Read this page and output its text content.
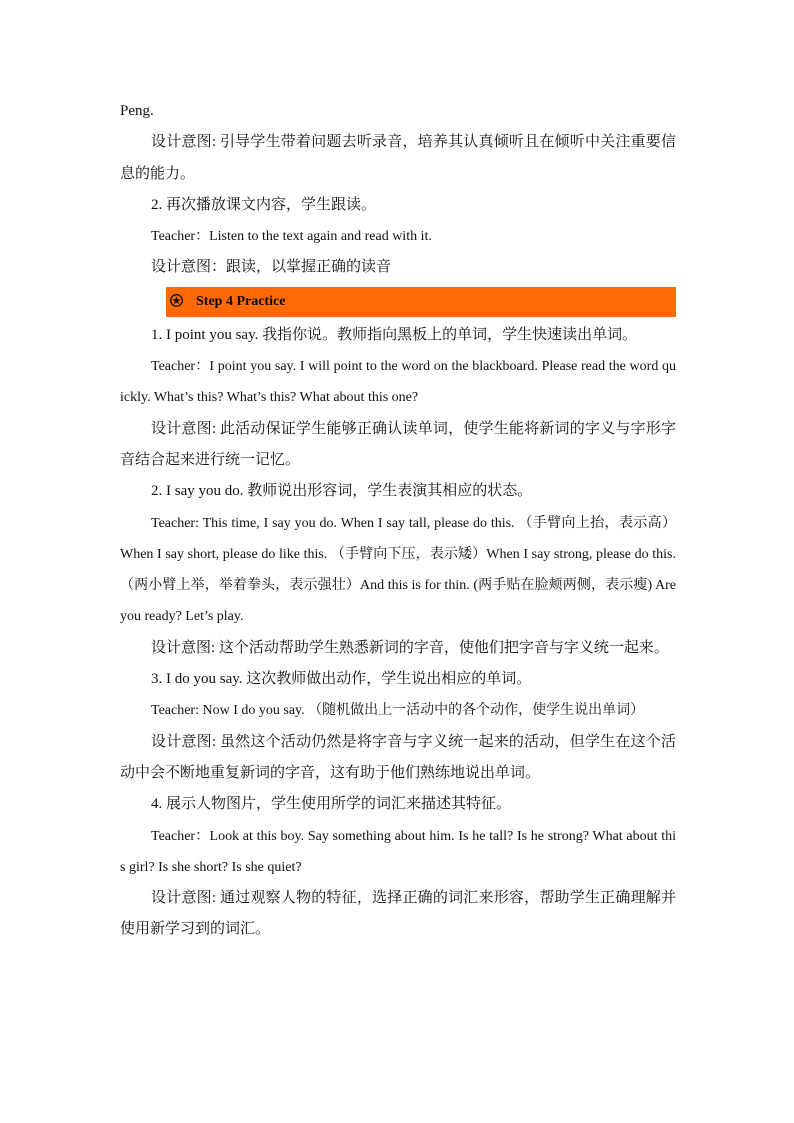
Peng.

设计意图: 引导学生带着问题去听录音，培养其认真倾听且在倾听中关注重要信息的能力。

2. 再次播放课文内容，学生跟读。

Teacher：Listen to the text again and read with it.

设计意图：跟读，以掌握正确的读音

Step 4 Practice

1. I point you say. 我指你说。教师指向黑板上的单词，学生快速读出单词。

Teacher：I point you say. I will point to the word on the blackboard. Please read the word quickly. What’s this? What’s this? What about this one?

设计意图: 此活动保证学生能够正确认读单词，使学生能将新词的字义与字形字音结合起来进行统一记忆。

2. I say you do. 教师说出形容词，学生表演其相应的状态。

Teacher: This time, I say you do. When I say tall, please do this. （手臂向上抬，表示高）When I say short, please do like this. （手臂向下压，表示矮）When I say strong, please do this. （两小臂上举，举着拳头，表示强壮）And this is for thin. (两手贴在脸颊两侧，表示瘦) Are you ready? Let’s play.

设计意图: 这个活动帮助学生熟悉新词的字音，使他们把字音与字义统一起来。

3. I do you say. 这次教师做出动作，学生说出相应的单词。

Teacher: Now I do you say. （随机做出上一活动中的各个动作，使学生说出单词）

设计意图: 虽然这个活动仍然是将字音与字义统一起来的活动，但学生在这个活动中会不断地重复新词的字音，这有助于他们熟练地说出单词。

4. 展示人物图片，学生使用所学的词汇来描述其特征。

Teacher：Look at this boy. Say something about him. Is he tall? Is he strong? What about this girl? Is she short? Is she quiet?

设计意图: 通过观察人物的特征，选择正确的词汇来形容，帮助学生正确理解并使用新学习到的词汇。
